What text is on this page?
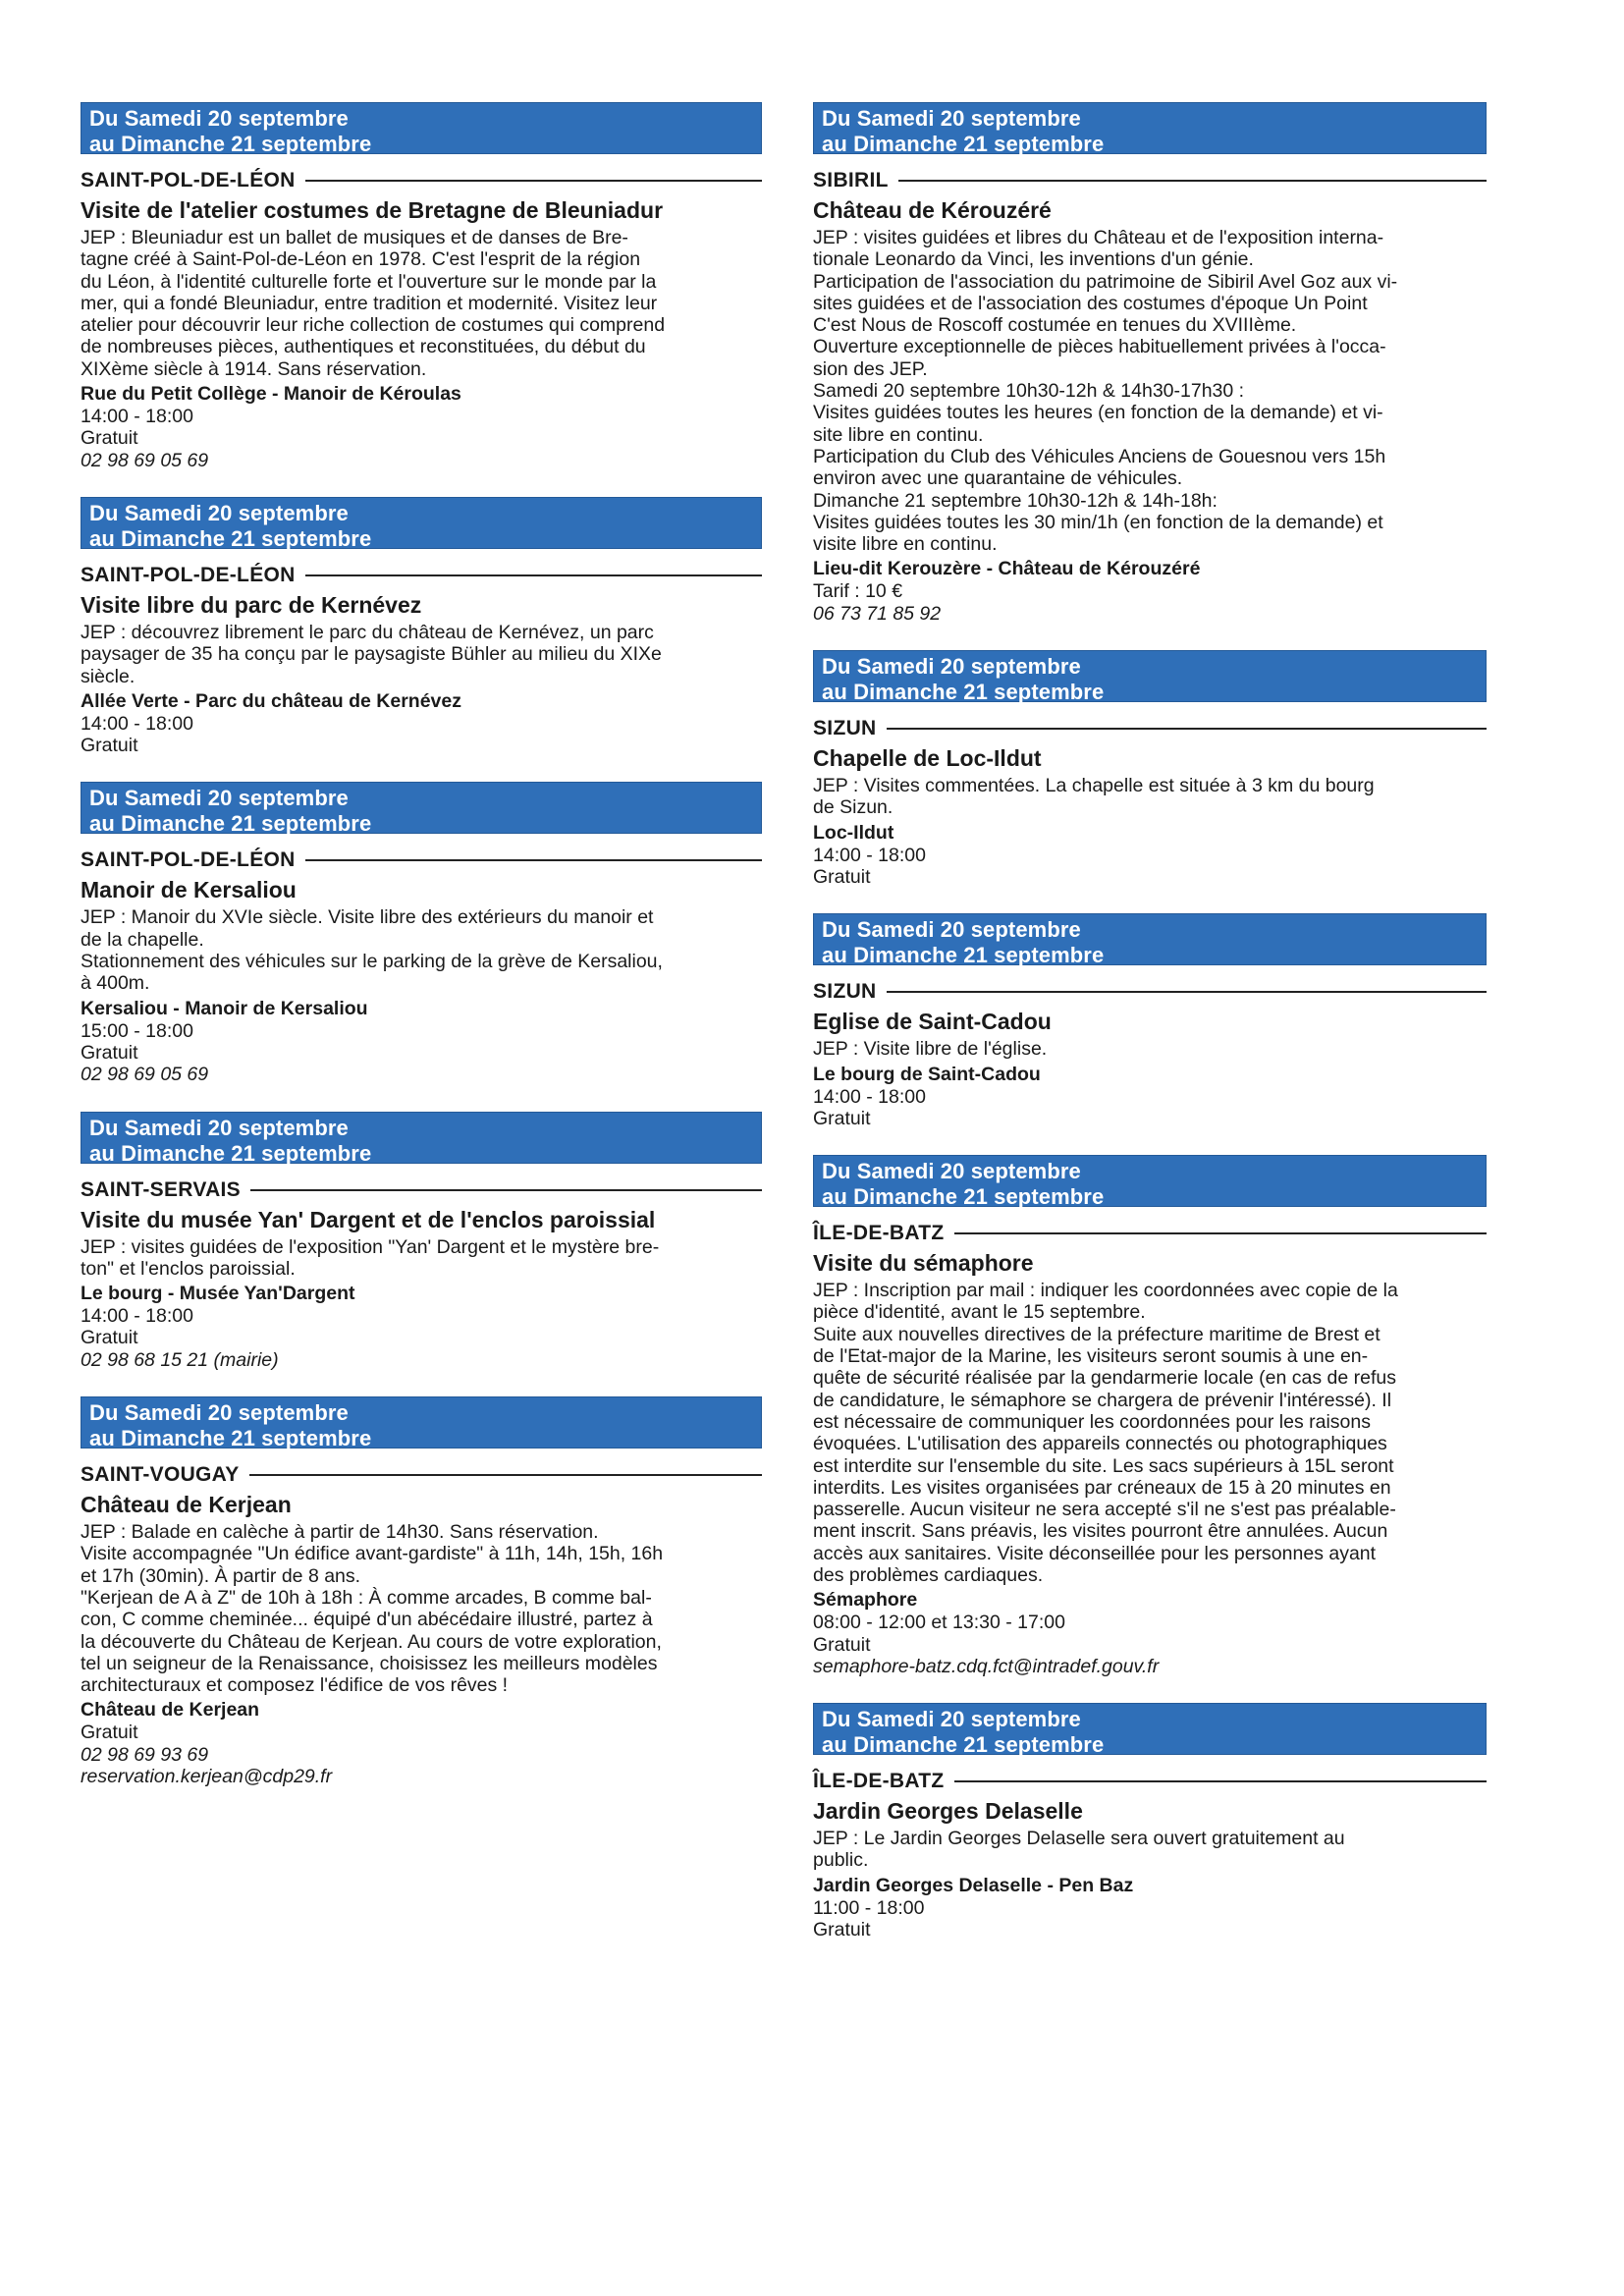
Du Samedi 20 septembre
au Dimanche 21 septembre
SAINT-POL-DE-LÉON
Visite de l'atelier costumes de Bretagne de Bleuniadur

JEP : Bleuniadur est un ballet de musiques et de danses de Bre-

tagne créé à Saint-Pol-de-Léon en 1978. C'est l'esprit de la région

du Léon, à l'identité culturelle forte et l'ouverture sur le monde par la

mer, qui a fondé Bleuniadur, entre tradition et modernité. Visitez leur

atelier pour découvrir leur riche collection de costumes qui comprend

de nombreuses pièces, authentiques et reconstituées, du début du

XIXème siècle à 1914. Sans réservation.

Rue du Petit Collège - Manoir de Kéroulas

14:00 - 18:00

Gratuit

02 98 69 05 69

Du Samedi 20 septembre
au Dimanche 21 septembre
SAINT-POL-DE-LÉON
Visite libre du parc de Kernévez

JEP : découvrez librement le parc du château de Kernévez, un parc

paysager de 35 ha conçu par le paysagiste Bühler au milieu du XIXe

siècle.

Allée Verte - Parc du château de Kernévez

14:00 - 18:00

Gratuit

Du Samedi 20 septembre
au Dimanche 21 septembre
SAINT-POL-DE-LÉON
Manoir de Kersaliou

JEP : Manoir du XVIe siècle. Visite libre des extérieurs du manoir et

de la chapelle.

Stationnement des véhicules sur le parking de la grève de Kersaliou,

à 400m.

Kersaliou - Manoir de Kersaliou

15:00 - 18:00

Gratuit

02 98 69 05 69

Du Samedi 20 septembre
au Dimanche 21 septembre
SAINT-SERVAIS
Visite du musée Yan' Dargent et de l'enclos paroissial

JEP : visites guidées de l'exposition "Yan' Dargent et le mystère bre-

ton" et l'enclos paroissial.

Le bourg - Musée Yan'Dargent

14:00 - 18:00

Gratuit

02 98 68 15 21 (mairie)

Du Samedi 20 septembre
au Dimanche 21 septembre
SAINT-VOUGAY
Château de Kerjean

JEP : Balade en calèche à partir de 14h30. Sans réservation.

Visite accompagnée "Un édifice avant-gardiste" à 11h, 14h, 15h, 16h

et 17h (30min). À partir de 8 ans.

"Kerjean de A à Z" de 10h à 18h : À comme arcades, B comme bal-

con, C comme cheminée... équipé d'un abécédaire illustré, partez à

la découverte du Château de Kerjean. Au cours de votre exploration,

tel un seigneur de la Renaissance, choisissez les meilleurs modèles

architecturaux et composez l'édifice de vos rêves !

Château de Kerjean

Gratuit

02 98 69 93 69

reservation.kerjean@cdp29.fr

Du Samedi 20 septembre
au Dimanche 21 septembre
SIBIRIL
Château de Kérouzéré

JEP : visites guidées et libres du Château et de l'exposition interna-

tionale Leonardo da Vinci, les inventions d'un génie.

Participation de l'association du patrimoine de Sibiril Avel Goz aux vi-

sites guidées et de l'association des costumes d'époque Un Point

C'est Nous de Roscoff costumée en tenues du XVIIIème.

Ouverture exceptionnelle de pièces habituellement privées à l'occa-

sion des JEP.

Samedi 20 septembre 10h30-12h & 14h30-17h30 :

Visites guidées toutes les heures (en fonction de la demande) et vi-

site libre en continu.

Participation du Club des Véhicules Anciens de Gouesnou vers 15h

environ avec une quarantaine de véhicules.

Dimanche 21 septembre 10h30-12h & 14h-18h:

Visites guidées toutes les 30 min/1h (en fonction de la demande) et

visite libre en continu.

Lieu-dit Kerouzère - Château de Kérouzéré

Tarif : 10 €

06 73 71 85 92

Du Samedi 20 septembre
au Dimanche 21 septembre
SIZUN
Chapelle de Loc-Ildut

JEP : Visites commentées. La chapelle est située à 3 km du bourg

de Sizun.

Loc-Ildut

14:00 - 18:00

Gratuit

Du Samedi 20 septembre
au Dimanche 21 septembre
SIZUN
Eglise de Saint-Cadou

JEP : Visite libre de l'église.

Le bourg de Saint-Cadou

14:00 - 18:00

Gratuit

Du Samedi 20 septembre
au Dimanche 21 septembre
ÎLE-DE-BATZ
Visite du sémaphore

JEP : Inscription par mail : indiquer les coordonnées avec copie de la

pièce d'identité, avant le 15 septembre.

Suite aux nouvelles directives de la préfecture maritime de Brest et

de l'Etat-major de la Marine, les visiteurs seront soumis à une en-

quête de sécurité réalisée par la gendarmerie locale (en cas de refus

de candidature, le sémaphore se chargera de prévenir l'intéressé). Il

est nécessaire de communiquer les coordonnées pour les raisons

évoquées. L'utilisation des appareils connectés ou photographiques

est interdite sur l'ensemble du site. Les sacs supérieurs à 15L seront

interdits. Les visites organisées par créneaux de 15 à 20 minutes en

passerelle. Aucun visiteur ne sera accepté s'il ne s'est pas préalable-

ment inscrit. Sans préavis, les visites pourront être annulées. Aucun

accès aux sanitaires. Visite déconseillée pour les personnes ayant

des problèmes cardiaques.

Sémaphore

08:00 - 12:00 et 13:30 - 17:00

Gratuit

semaphore-batz.cdq.fct@intradef.gouv.fr

Du Samedi 20 septembre
au Dimanche 21 septembre
ÎLE-DE-BATZ
Jardin Georges Delaselle

JEP : Le Jardin Georges Delaselle sera ouvert gratuitement au

public.

Jardin Georges Delaselle - Pen Baz

11:00 - 18:00

Gratuit
